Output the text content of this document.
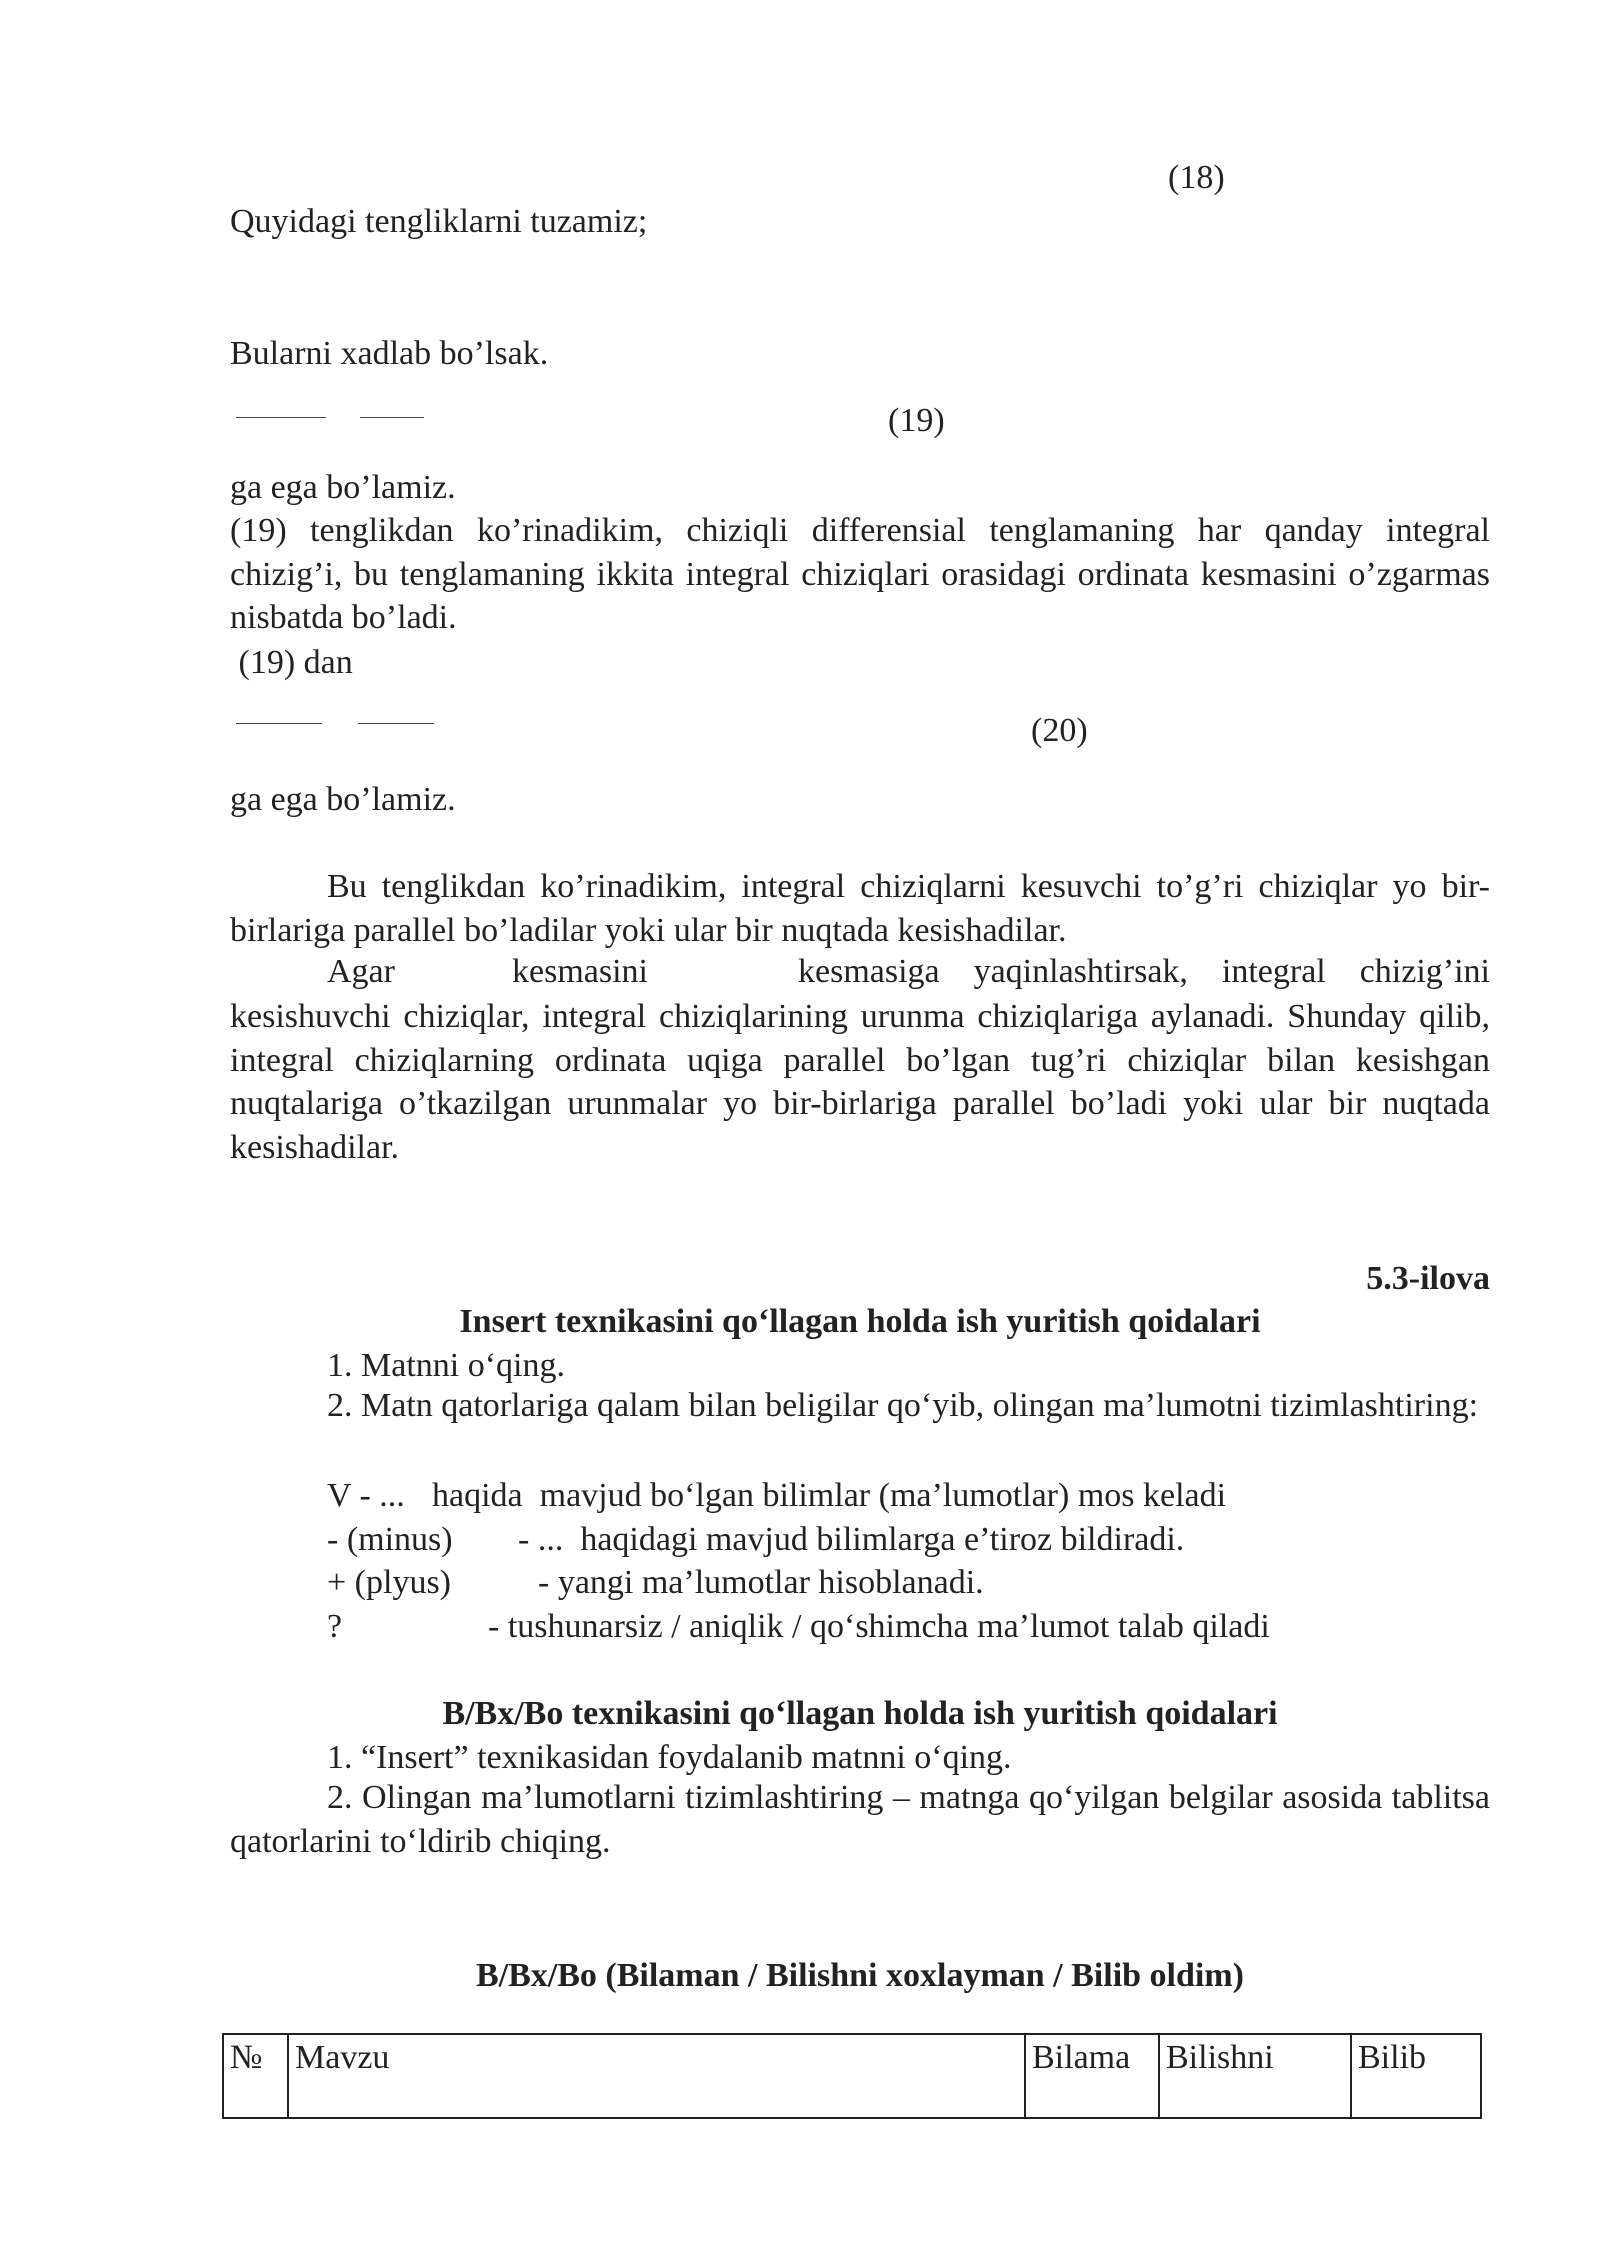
(18)
Quyidagi tengliklarni tuzamiz;
Bularni xadlab bo’lsak.
(19)
ga ega bo’lamiz.
(19) tenglikdan ko’rinadikim, chiziqli differensial tenglamaning har qanday integral chizig’i, bu tenglamaning ikkita integral chiziqlari orasidagi ordinata kesmasini o’zgarmas nisbatda bo’ladi.
(19) dan
(20)
ga ega bo’lamiz.
Bu tenglikdan ko’rinadikim, integral chiziqlarni kesuvchi to’g’ri chiziqlar yo bir-birlariga parallel bo’ladilar yoki ular bir nuqtada kesishadilar.
Agar	kesmasini	kesmasiga yaqinlashtirsak, integral chizig’ini
kesishuvchi chiziqlar, integral chiziqlarining urunma chiziqlariga aylanadi. Shunday qilib, integral chiziqlarning ordinata uqiga parallel bo’lgan tug’ri chiziqlar bilan kesishgan nuqtalariga o’tkazilgan urunmalar yo bir-birlariga parallel bo’ladi yoki ular bir nuqtada kesishadilar.
5.3-ilova
Insert texnikasini qo‘llagan holda ish yuritish qoidalari
1. Matnni o‘qing.
2. Matn qatorlariga qalam bilan beligilar qo‘yib, olingan ma’lumotni tizimlashtiring:
V - ... haqida  mavjud bo‘lgan bilimlar (ma’lumotlar) mos keladi
- (minus) - ...  haqidagi mavjud bilimlarga e’tiroz bildiradi.
+ (plyus)	- yangi ma’lumotlar hisoblanadi.
?	- tushunarsiz / aniqlik / qo‘shimcha ma’lumot talab qiladi
B/Bx/Bo texnikasini qo‘llagan holda ish yuritish qoidalari
1. “Insert” texnikasidan foydalanib matnni o‘qing.
2. Olingan ma’lumotlarni tizimlashtiring – matnga qo‘yilgan belgilar asosida tablitsa qatorlarini to‘ldirib chiqing.
B/Bx/Bo (Bilaman / Bilishni xoxlayman / Bilib oldim)
№	Mavzu	Bilama	Bilishni	Bilib
